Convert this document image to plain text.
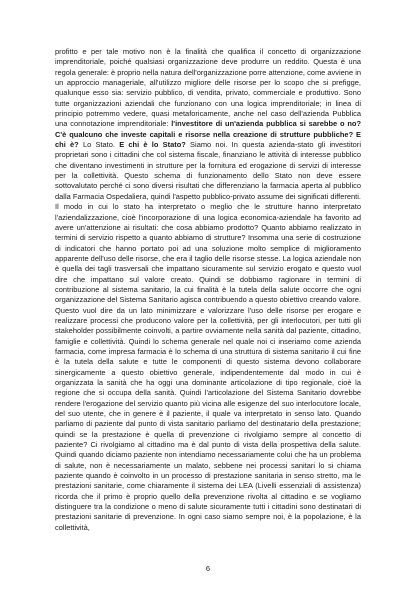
profitto e per tale motivo non è la finalità che qualifica il concetto di organizzazione imprenditoriale, poiché qualsiasi organizzazione deve produrre un reddito. Questa è una regola generale: è proprio nella natura dell'organizzazione porre attenzione, come avviene in un approccio manageriale, all'utilizzo migliore delle risorse per lo scopo che si prefigge, qualunque esso sia: servizio pubblico, di vendita, privato, commerciale e produttivo. Sono tutte organizzazioni aziendali che funzionano con una logica imprenditoriale; in linea di principio potremmo vedere, quasi metaforicamente, anche nel caso dell'azienda Pubblica una connotazione imprenditoriale: l'investitore di un'azienda pubblica si sarebbe o no? C'è qualcuno che investe capitali e risorse nella creazione di strutture pubbliche? E chi è? Lo Stato. E chi è lo Stato? Siamo noi. In questa azienda-stato gli investitori proprietari sono i cittadini che col sistema fiscale, finanziano le attività di interesse pubblico che diventano investimenti in strutture per la fornitura ed erogazione di servizi di interesse per la collettività. Questo schema di funzionamento dello Stato non deve essere sottovalutato perché ci sono diversi risultati che differenziano la farmacia aperta al pubblico dalla Farmacia Ospedaliera, quindi l'aspetto pubblico-privato assume dei significati differenti. Il modo in cui lo stato ha interpretato o meglio che le strutture hanno interpretato l'aziendalizzazione, cioè l'incorporazione di una logica economica-aziendale ha favorito ad avere un'attenzione ai risultati: che cosa abbiamo prodotto? Quanto abbiamo realizzato in termini di servizio rispetto a quanto abbiamo di strutture? Insomma una serie di costruzione di indicatori che hanno portato poi ad una soluzione molto semplice di miglioramento apparente dell'uso delle risorse, che era il taglio delle risorse stesse. La logica aziendale non è quella dei tagli trasversali che impattano sicuramente sul servizio erogato e questo vuol dire che impattano sul valore creato. Quindi se dobbiamo ragionare in termini di contribuzione al sistema sanitario, la cui finalità è la tutela della salute occorre che ogni organizzazione del Sistema Sanitario agisca contribuendo a questo obiettivo creando valore. Questo vuol dire da un lato minimizzare e valorizzare l'uso delle risorse per erogare e realizzare processi che producono valore per la collettività, per gli interlocutori, per tutti gli stakeholder possibilmente coinvolti, a partire ovviamente nella sanità dal paziente, cittadino, famiglie e collettività. Quindi lo schema generale nel quale noi ci inseriamo come azienda farmacia, come impresa farmacia è lo schema di una struttura di sistema sanitario il cui fine è la tutela della salute e tutte le componenti di questo sistema devono collaborare sinergicamente a questo obiettivo generale, indipendentemente dal modo in cui è organizzata la sanità che ha oggi una dominante articolazione di tipo regionale, cioè la regione che si occupa della sanità. Quindi l'articolazione del Sistema Sanitario dovrebbe rendere l'erogazione del servizio quanto più vicina alle esigenze del suo interlocutore locale, del suo utente, che in genere è il paziente, il quale va interpretato in senso lato. Quando parliamo di paziente dal punto di vista sanitario parliamo del destinatario della prestazione; quindi se la prestazione è quella di prevenzione ci rivolgiamo sempre al concetto di paziente? Ci rivolgiamo al cittadino ma è dal punto di vista della prospettiva della salute. Quindi quando diciamo paziente non intendiamo necessariamente colui che ha un problema di salute, non è necessariamente un malato, sebbene nei processi sanitari lo si chiama paziente quando è coinvolto in un processo di prestazione sanitaria in senso stretto, ma le prestazioni sanitarie, come chiaramente il sistema dei LEA (Livelli essenziali di assistenza) ricorda che il primo è proprio quello della prevenzione rivolta al cittadino e se vogliamo distinguere tra la condizione o meno di salute sicuramente tutti i cittadini sono destinatari di prestazioni sanitarie di prevenzione. In ogni caso siamo sempre noi, è la popolazione, è la collettività,
6
